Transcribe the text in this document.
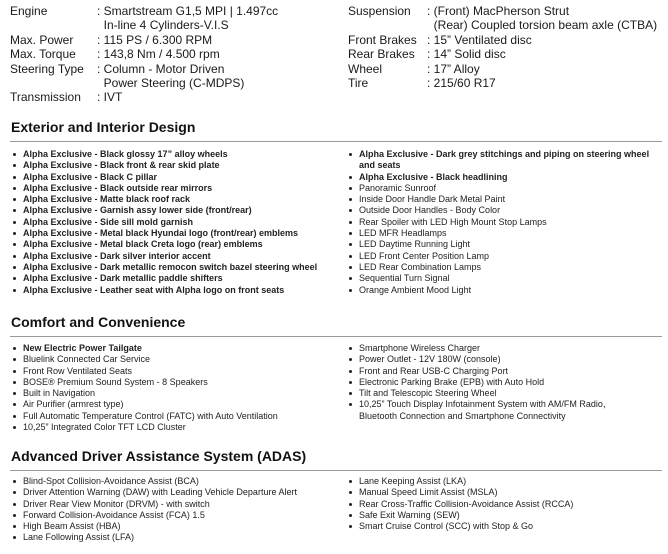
Engine	: Smartstream G1,5 MPI | 1.497cc
In-line 4 Cylinders-V.I.S
Max. Power	: 115 PS / 6.300 RPM
Max. Torque	: 143,8 Nm / 4.500 rpm
Steering Type	: Column - Motor Driven
Power Steering (C-MDPS)
Transmission	: IVT
Suspension	: (Front) MacPherson Strut
(Rear) Coupled torsion beam axle (CTBA)
Front Brakes : 15” Ventilated disc
Rear Brakes	: 14” Solid disc
Wheel	: 17” Alloy
Tire	: 215/60 R17
Exterior and Interior Design
Alpha Exclusive - Black glossy 17” alloy wheels
Alpha Exclusive - Black front & rear skid plate
Alpha Exclusive - Black C pillar
Alpha Exclusive - Black outside rear mirrors
Alpha Exclusive - Matte black roof rack
Alpha Exclusive - Garnish assy lower side (front/rear)
Alpha Exclusive - Side sill mold garnish
Alpha Exclusive - Metal black Hyundai logo (front/rear) emblems
Alpha Exclusive - Metal black Creta logo (rear) emblems
Alpha Exclusive - Dark silver interior accent
Alpha Exclusive - Dark metallic remocon switch bazel steering wheel
Alpha Exclusive - Dark metallic paddle shifters
Alpha Exclusive - Leather seat with Alpha logo on front seats
Alpha Exclusive - Dark grey stitchings and piping on steering wheel and seats
Alpha Exclusive - Black headlining
Panoramic Sunroof
Inside Door Handle Dark Metal Paint
Outside Door Handles - Body Color
Rear Spoiler with LED High Mount Stop Lamps
LED MFR Headlamps
LED Daytime Running Light
LED Front Center Position Lamp
LED Rear Combination Lamps
Sequential Turn Signal
Orange Ambient Mood Light
Comfort and Convenience
New Electric Power Tailgate
Bluelink Connected Car Service
Front Row Ventilated Seats
BOSE® Premium Sound System - 8 Speakers
Built in Navigation
Air Purifier (armrest type)
Full Automatic Temperature Control (FATC) with Auto Ventilation
10,25” Integrated Color TFT LCD Cluster
Smartphone Wireless Charger
Power Outlet - 12V 180W (console)
Front and Rear USB-C Charging Port
Electronic Parking Brake (EPB) with Auto Hold
Tilt and Telescopic Steering Wheel
10,25” Touch Display Infotainment System with AM/FM Radio, Bluetooth Connection and Smartphone Connectivity
Advanced Driver Assistance System (ADAS)
Blind-Spot Collision-Avoidance Assist (BCA)
Driver Attention Warning (DAW) with Leading Vehicle Departure Alert
Driver Rear View Monitor (DRVM) - with switch
Forward Collision-Avoidance Assist (FCA) 1.5
High Beam Assist (HBA)
Lane Following Assist (LFA)
Lane Keeping Assist (LKA)
Manual Speed Limit Assist (MSLA)
Rear Cross-Traffic Collision-Avoidance Assist (RCCA)
Safe Exit Warning (SEW)
Smart Cruise Control (SCC) with Stop & Go
